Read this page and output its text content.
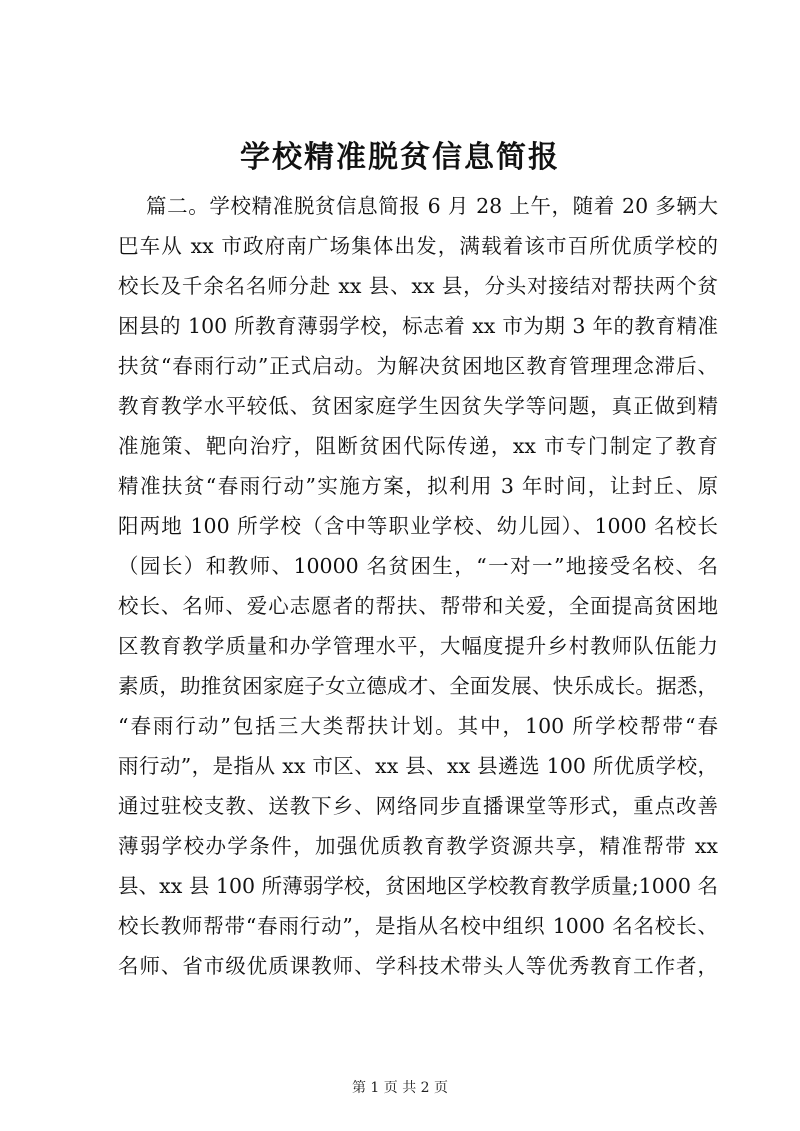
学校精准脱贫信息简报
篇二。学校精准脱贫信息简报 6 月 28 上午，随着 20 多辆大
巴车从 xx 市政府南广场集体出发，满载着该市百所优质学校的
校长及千余名名师分赴 xx 县、xx 县，分头对接结对帮扶两个贫
困县的 100 所教育薄弱学校，标志着 xx 市为期 3 年的教育精准
扶贫“春雨行动”正式启动。为解决贫困地区教育管理理念滞后、
教育教学水平较低、贫困家庭学生因贫失学等问题，真正做到精
准施策、靶向治疗，阻断贫困代际传递，xx 市专门制定了教育
精准扶贫“春雨行动”实施方案，拟利用 3 年时间，让封丘、原
阳两地 100 所学校（含中等职业学校、幼儿园）、1000 名校长
（园长）和教师、10000 名贫困生，“一对一”地接受名校、名
校长、名师、爱心志愿者的帮扶、帮带和关爱，全面提高贫困地
区教育教学质量和办学管理水平，大幅度提升乡村教师队伍能力
素质，助推贫困家庭子女立德成才、全面发展、快乐成长。据悉，
“春雨行动”包括三大类帮扶计划。其中，100 所学校帮带“春
雨行动”，是指从 xx 市区、xx 县、xx 县遴选 100 所优质学校，
通过驻校支教、送教下乡、网络同步直播课堂等形式，重点改善
薄弱学校办学条件，加强优质教育教学资源共享，精准帮带 xx
县、xx 县 100 所薄弱学校，贫困地区学校教育教学质量;1000 名
校长教师帮带“春雨行动”，是指从名校中组织 1000 名名校长、
名师、省市级优质课教师、学科技术带头人等优秀教育工作者，
第 1 页 共 2 页
